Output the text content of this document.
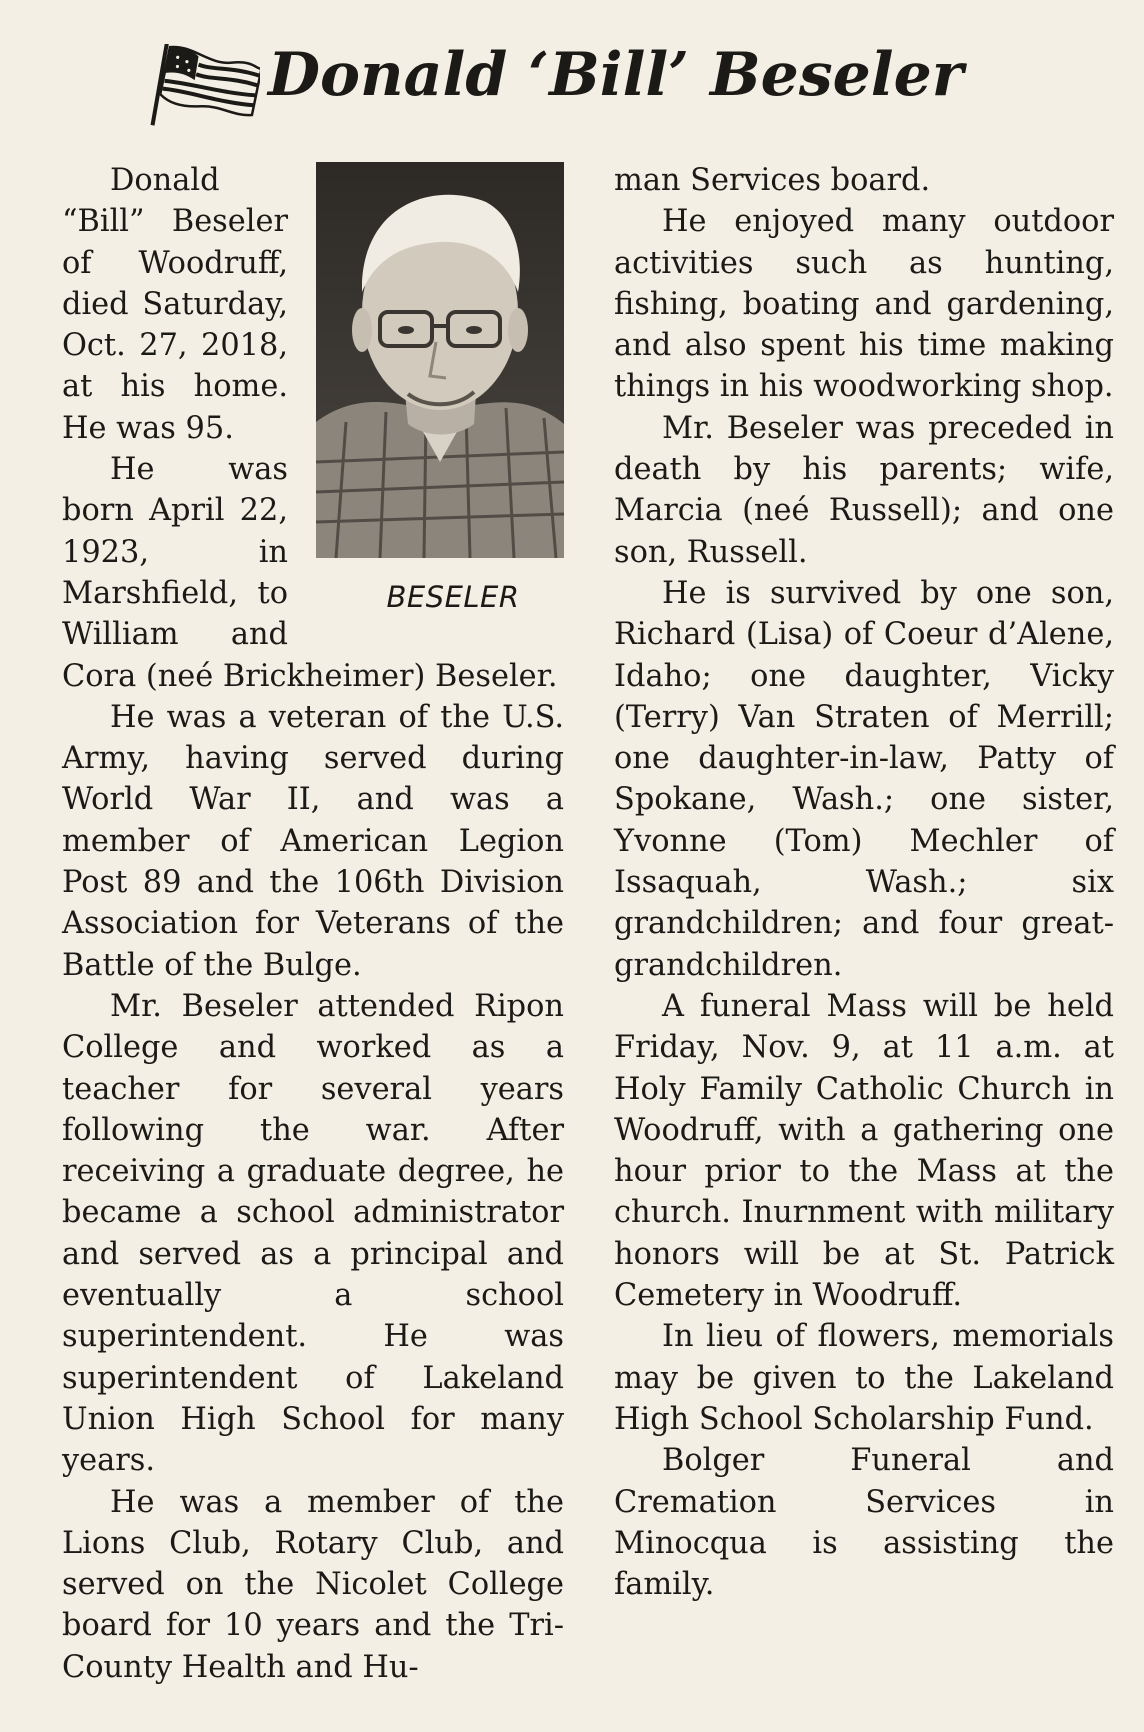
Donald ‘Bill’ Beseler
BESELER

Donald “Bill” Beseler of Woodruff, died Saturday, Oct. 27, 2018, at his home. He was 95.

He was born April 22, 1923, in Marshfield, to William and Cora (neé Brickheimer) Beseler.

He was a veteran of the U.S. Army, having served during World War II, and was a member of American Legion Post 89 and the 106th Division Association for Veterans of the Battle of the Bulge.

Mr. Beseler attended Ripon College and worked as a teacher for several years following the war. After receiving a graduate degree, he became a school administrator and served as a principal and eventually a school superintendent. He was superintendent of Lakeland Union High School for many years.

He was a member of the Lions Club, Rotary Club, and served on the Nicolet College board for 10 years and the Tri-County Health and Hu-

man Services board.

He enjoyed many outdoor activities such as hunting, fishing, boating and gardening, and also spent his time making things in his woodworking shop.

Mr. Beseler was preceded in death by his parents; wife, Marcia (neé Russell); and one son, Russell.

He is survived by one son, Richard (Lisa) of Coeur d’Alene, Idaho; one daughter, Vicky (Terry) Van Straten of Merrill; one daughter-in-law, Patty of Spokane, Wash.; one sister, Yvonne (Tom) Mechler of Issaquah, Wash.; six grandchildren; and four great-grandchildren.

A funeral Mass will be held Friday, Nov. 9, at 11 a.m. at Holy Family Catholic Church in Woodruff, with a gathering one hour prior to the Mass at the church. Inurnment with military honors will be at St. Patrick Cemetery in Woodruff.

In lieu of flowers, memorials may be given to the Lakeland High School Scholarship Fund.

Bolger Funeral and Cremation Services in Minocqua is assisting the family.
